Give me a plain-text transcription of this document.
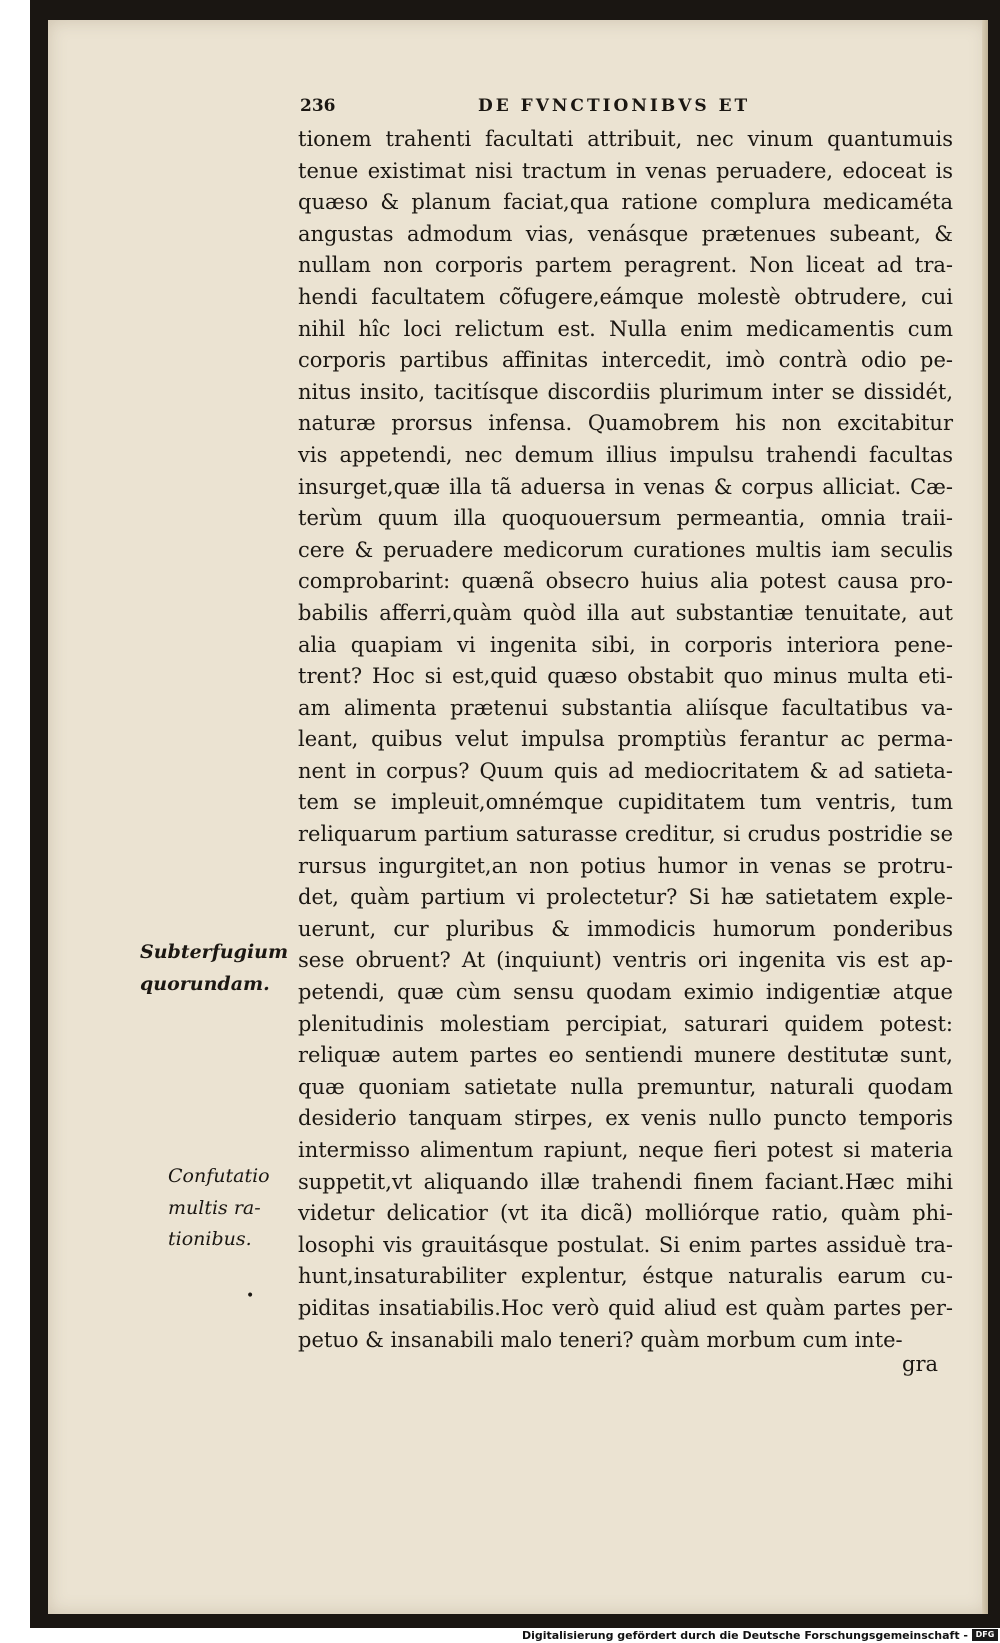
236	DE FVNCTIONIBVS ET
tionem trahenti facultati attribuit, nec vinum quantumuis
tenue existimat nisi tractum in venas peruadere, edoceat is
quæso & planum faciat,qua ratione complura medicaméta
angustas admodum vias, venásque prætenues subeant, &
nullam non corporis partem peragrent. Non liceat ad tra-
hendi facultatem cõfugere,eámque molestè obtrudere, cui
nihil hîc loci relictum est. Nulla enim medicamentis cum
corporis partibus affinitas intercedit, imò contrà odio pe-
nitus insito, tacitísque discordiis plurimum inter se dissidét,
naturæ prorsus infensa. Quamobrem his non excitabitur
vis appetendi, nec demum illius impulsu trahendi facultas
insurget,quæ illa tã aduersa in venas & corpus alliciat. Cæ-
terùm quum illa quoquouersum permeantia, omnia traii-
cere & peruadere medicorum curationes multis iam seculis
comprobarint: quænã obsecro huius alia potest causa pro-
babilis afferri,quàm quòd illa aut substantiæ tenuitate, aut
alia quapiam vi ingenita sibi, in corporis interiora pene-
trent? Hoc si est,quid quæso obstabit quo minus multa eti-
am alimenta prætenui substantia aliísque facultatibus va-
leant, quibus velut impulsa promptiùs ferantur ac perma-
nent in corpus? Quum quis ad mediocritatem & ad satieta-
tem se impleuit,omnémque cupiditatem tum ventris, tum
reliquarum partium saturasse creditur, si crudus postridie se
rursus ingurgitet,an non potius humor in venas se protru-
det, quàm partium vi prolectetur? Si hæ satietatem exple-
uerunt, cur pluribus & immodicis humorum ponderibus
sese obruent? At (inquiunt) ventris ori ingenita vis est ap-
petendi, quæ cùm sensu quodam eximio indigentiæ atque
plenitudinis molestiam percipiat, saturari quidem potest:
reliquæ autem partes eo sentiendi munere destitutæ sunt,
quæ quoniam satietate nulla premuntur, naturali quodam
desiderio tanquam stirpes, ex venis nullo puncto temporis
intermisso alimentum rapiunt, neque fieri potest si materia
suppetit,vt aliquando illæ trahendi finem faciant.Hæc mihi
videtur delicatior (vt ita dicã) molliórque ratio, quàm phi-
losophi vis grauitásque postulat. Si enim partes assiduè tra-
hunt,insaturabiliter explentur, éstque naturalis earum cu-
piditas insatiabilis.Hoc verò quid aliud est quàm partes per-
petuo & insanabili malo teneri? quàm morbum cum inte-
gra
Subterfugium
quorundam.
Confutatio
multis ra-
tionibus.
•
Digitalisierung gefördert durch die Deutsche Forschungsgemeinschaft - DFG
